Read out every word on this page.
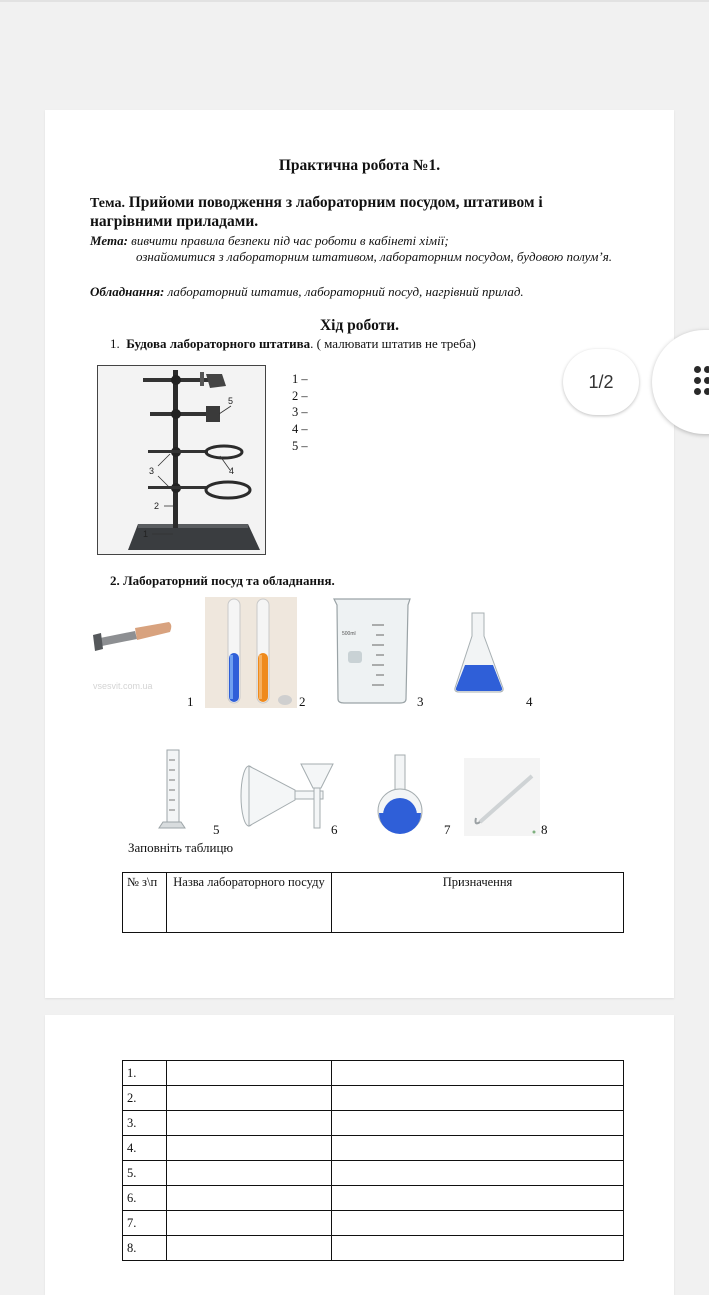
Практична робота №1.
Тема. Прийоми поводження з лабораторним посудом, штативом і нагрівними приладами.
Мета: вивчити правила безпеки під час роботи в кабінеті хімії;
ознайомитися з лабораторним штативом, лабораторним посудом, будовою полум’я.
Обладнання: лабораторний штатив, лабораторний посуд, нагрівний прилад.
Хід роботи.
1. Будова лабораторного штатива. ( малювати штатив не треба)
5
3	4
2
1
1 –
2 –
3 –
4 –
5 –
2. Лабораторний посуд та обладнання.
vsesvit.com.ua
1	2
500ml
3	4
5	6	7	8
Заповніть таблицю
№ з\п	Назва лабораторного посуду	Призначення
1.		
2.		
3.		
4.		
5.		
6.		
7.		
8.		
1/2
